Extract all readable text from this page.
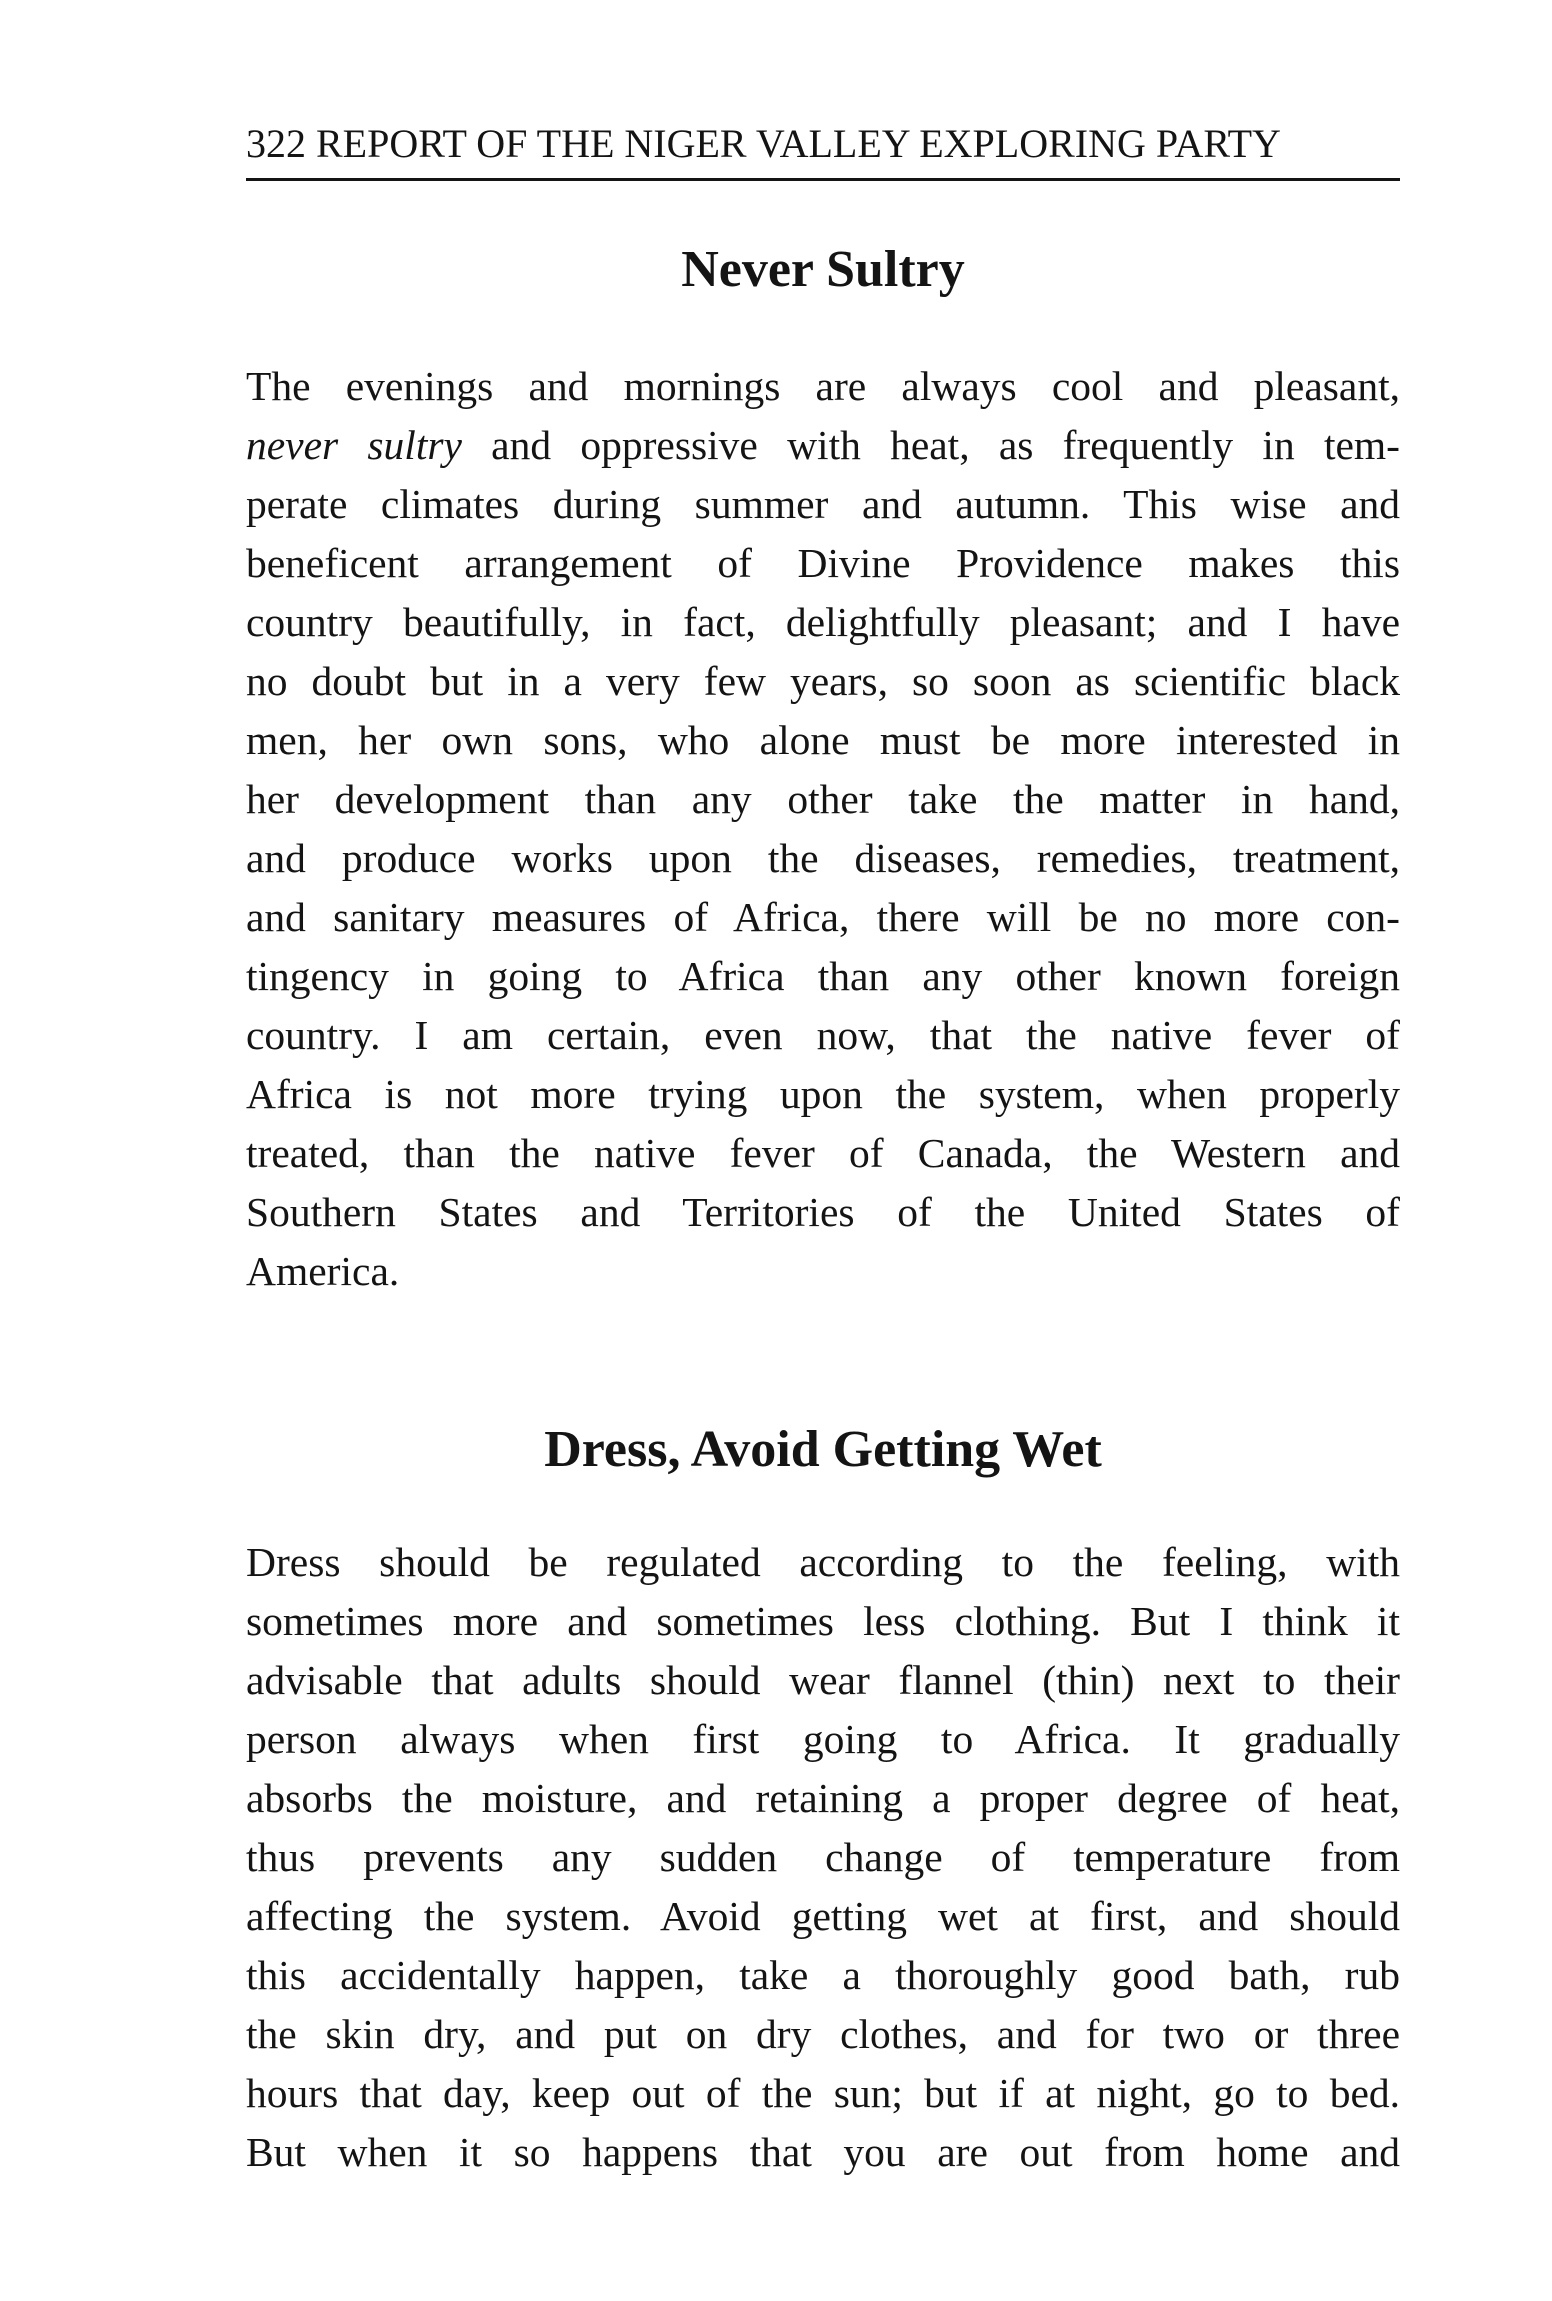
322 REPORT OF THE NIGER VALLEY EXPLORING PARTY
Never Sultry
The evenings and mornings are always cool and pleasant,
never sultry and oppressive with heat, as frequently in tem-
perate climates during summer and autumn. This wise and
beneficent arrangement of Divine Providence makes this
country beautifully, in fact, delightfully pleasant; and I have
no doubt but in a very few years, so soon as scientific black
men, her own sons, who alone must be more interested in
her development than any other take the matter in hand,
and produce works upon the diseases, remedies, treatment,
and sanitary measures of Africa, there will be no more con-
tingency in going to Africa than any other known foreign
country. I am certain, even now, that the native fever of
Africa is not more trying upon the system, when properly
treated, than the native fever of Canada, the Western and
Southern States and Territories of the United States of
America.
Dress, Avoid Getting Wet
Dress should be regulated according to the feeling, with
sometimes more and sometimes less clothing. But I think it
advisable that adults should wear flannel (thin) next to their
person always when first going to Africa. It gradually
absorbs the moisture, and retaining a proper degree of heat,
thus prevents any sudden change of temperature from
affecting the system. Avoid getting wet at first, and should
this accidentally happen, take a thoroughly good bath, rub
the skin dry, and put on dry clothes, and for two or three
hours that day, keep out of the sun; but if at night, go to bed.
But when it so happens that you are out from home and
